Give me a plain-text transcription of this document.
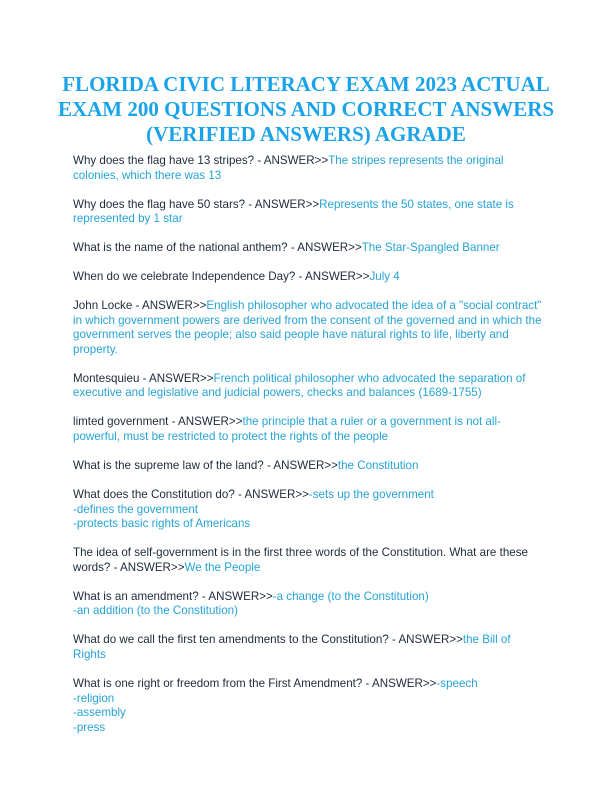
FLORIDA CIVIC LITERACY EXAM 2023 ACTUAL EXAM 200 QUESTIONS AND CORRECT ANSWERS (VERIFIED ANSWERS) AGRADE

Why does the flag have 13 stripes? - ANSWER>>The stripes represents the original colonies, which there was 13

Why does the flag have 50 stars? - ANSWER>>Represents the 50 states, one state is represented by 1 star

What is the name of the national anthem? - ANSWER>>The Star-Spangled Banner

When do we celebrate Independence Day? - ANSWER>>July 4

John Locke - ANSWER>>English philosopher who advocated the idea of a "social contract" in which government powers are derived from the consent of the governed and in which the government serves the people; also said people have natural rights to life, liberty and property.

Montesquieu - ANSWER>>French political philosopher who advocated the separation of executive and legislative and judicial powers, checks and balances (1689-1755)

limted government - ANSWER>>the principle that a ruler or a government is not all-powerful, must be restricted to protect the rights of the people

What is the supreme law of the land? - ANSWER>>the Constitution

What does the Constitution do? - ANSWER>>-sets up the government
-defines the government
-protects basic rights of Americans

The idea of self-government is in the first three words of the Constitution. What are these words? - ANSWER>>We the People

What is an amendment? - ANSWER>>-a change (to the Constitution)
-an addition (to the Constitution)

What do we call the first ten amendments to the Constitution? - ANSWER>>the Bill of Rights

What is one right or freedom from the First Amendment? - ANSWER>>-speech
-religion
-assembly
-press
